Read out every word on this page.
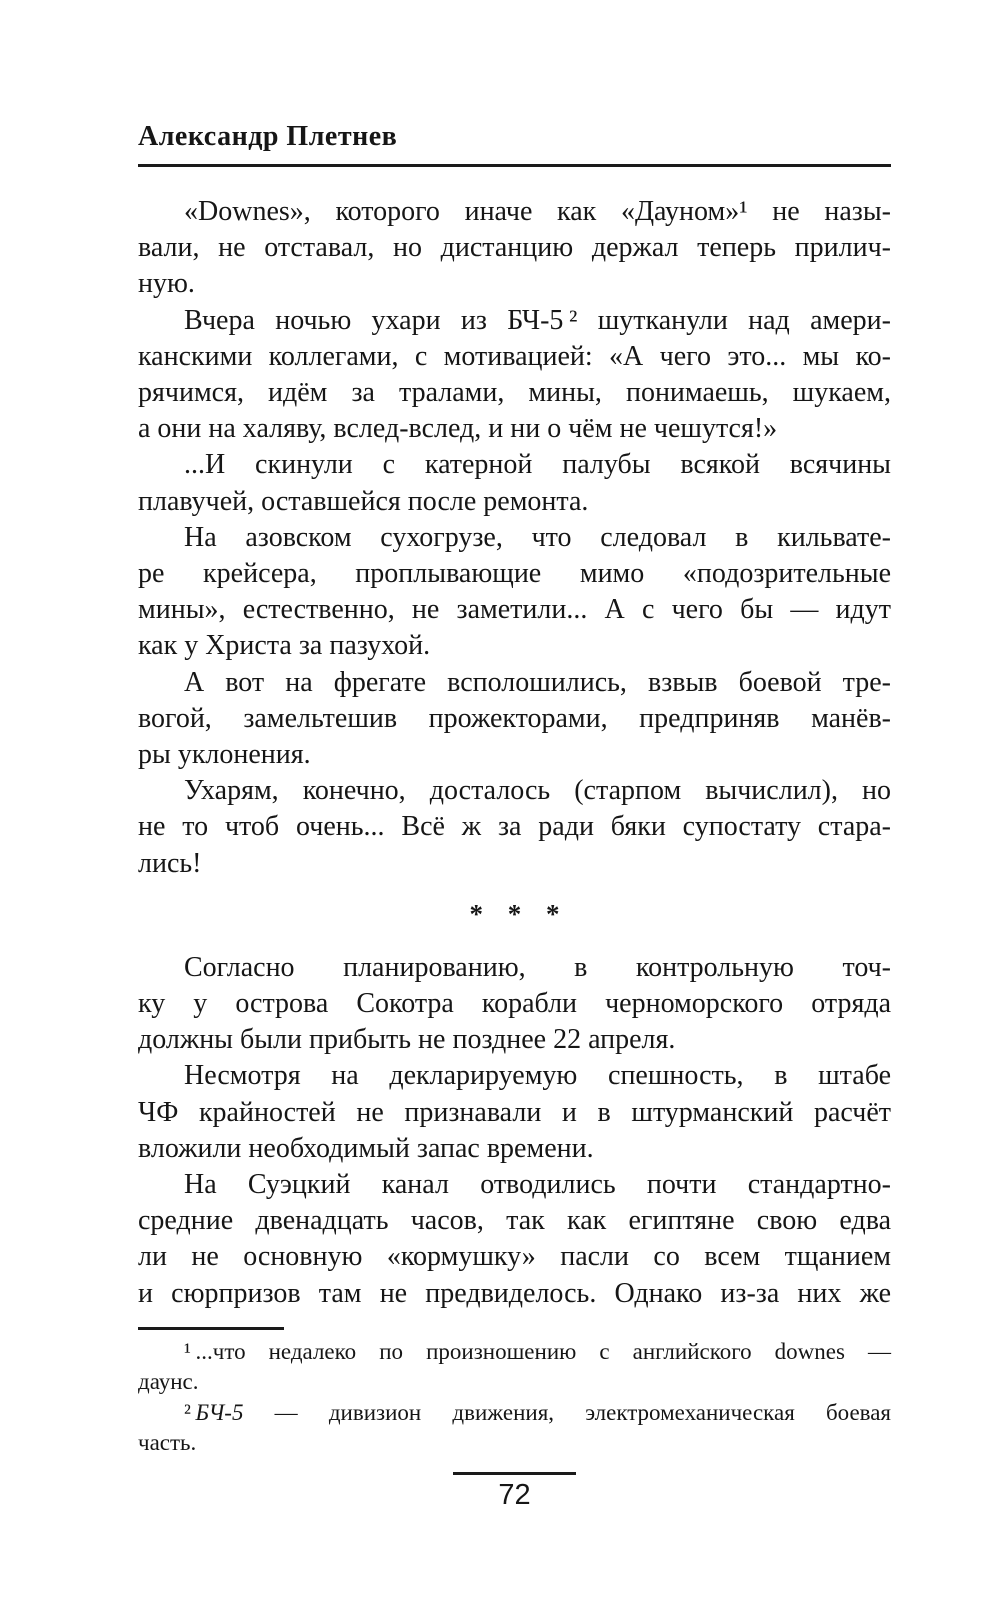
Александр Плетнев
«Downes», которого иначе как «Дауном»¹ не назы-
вали, не отставал, но дистанцию держал теперь прилич-
ную.
Вчера ночью ухари из БЧ-5 ² шутканули над амери-
канскими коллегами, с мотивацией: «А чего это... мы ко-
рячимся, идём за тралами, мины, понимаешь, шукаем,
а они на халяву, вслед-вслед, и ни о чём не чешутся!»
...И скинули с катерной палубы всякой всячины
плавучей, оставшейся после ремонта.
На азовском сухогрузе, что следовал в кильвате-
ре крейсера, проплывающие мимо «подозрительные
мины», естественно, не заметили... А с чего бы — идут
как у Христа за пазухой.
А вот на фрегате всполошились, взвыв боевой тре-
вогой, замельтешив прожекторами, предприняв манёв-
ры уклонения.
Ухарям, конечно, досталось (старпом вычислил), но
не то чтоб очень... Всё ж за ради бяки супостату стара-
лись!
* * *
Согласно планированию, в контрольную точ-
ку у острова Сокотра корабли черноморского отряда
должны были прибыть не позднее 22 апреля.
Несмотря на декларируемую спешность, в штабе
ЧФ крайностей не признавали и в штурманский расчёт
вложили необходимый запас времени.
На Суэцкий канал отводились почти стандартно-
средние двенадцать часов, так как египтяне свою едва
ли не основную «кормушку» пасли со всем тщанием
и сюрпризов там не предвиделось. Однако из-за них же
¹ ...что недалеко по произношению с английского downes —
даунс.
² БЧ-5 — дивизион движения, электромеханическая боевая
часть.
72
